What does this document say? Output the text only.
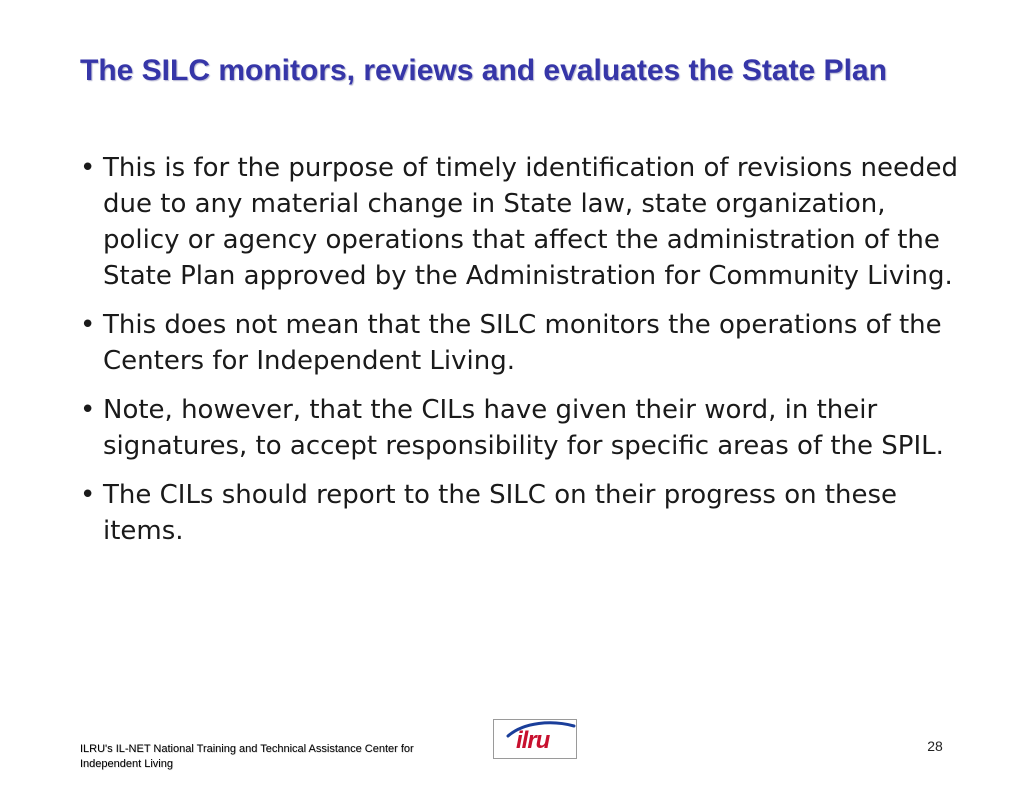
The SILC monitors, reviews and evaluates the State Plan
• This is for the purpose of timely identification of revisions needed due to any material change in State law, state organization, policy or agency operations that affect the administration of the State Plan approved by the Administration for Community Living.
• This does not mean that the SILC monitors the operations of the Centers for Independent Living.
• Note, however, that the CILs have given their word, in their signatures, to accept responsibility for specific areas of the SPIL.
• The CILs should report to the SILC on their progress on these items.
ILRU's IL-NET National Training and Technical Assistance Center for Independent Living
ilru	28
